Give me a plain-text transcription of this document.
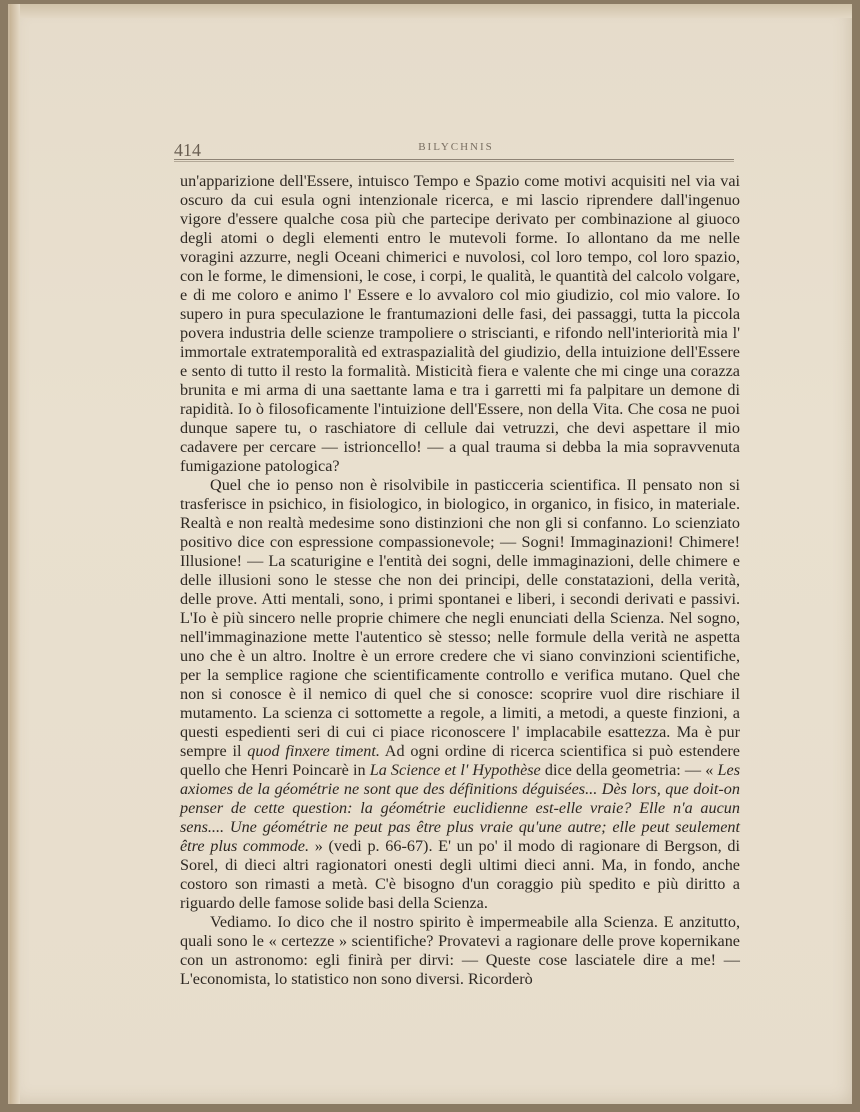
414	BILYCHNIS

un'apparizione dell'Essere, intuisco Tempo e Spazio come motivi acquisiti nel via vai oscuro da cui esula ogni intenzionale ricerca, e mi lascio riprendere dall'ingenuo vigore d'essere qualche cosa più che partecipe derivato per combinazione al giuoco degli atomi o degli elementi entro le mutevoli forme. Io allontano da me nelle voragini azzurre, negli Oceani chimerici e nuvolosi, col loro tempo, col loro spazio, con le forme, le dimensioni, le cose, i corpi, le qualità, le quantità del calcolo volgare, e di me coloro e animo l' Essere e lo avvaloro col mio giudizio, col mio valore. Io supero in pura speculazione le frantumazioni delle fasi, dei passaggi, tutta la piccola povera industria delle scienze trampoliere o striscianti, e rifondo nell'interiorità mia l' immortale extratemporalità ed extraspazialità del giudizio, della intuizione dell'Essere e sento di tutto il resto la formalità. Misticità fiera e valente che mi cinge una corazza brunita e mi arma di una saettante lama e tra i garretti mi fa palpitare un demone di rapidità. Io ò filosoficamente l'intuizione dell'Essere, non della Vita. Che cosa ne puoi dunque sapere tu, o raschiatore di cellule dai vetruzzi, che devi aspettare il mio cadavere per cercare — istrioncello! — a qual trauma si debba la mia sopravvenuta fumigazione patologica?

Quel che io penso non è risolvibile in pasticceria scientifica. Il pensato non si trasferisce in psichico, in fisiologico, in biologico, in organico, in fisico, in materiale. Realtà e non realtà medesime sono distinzioni che non gli si confanno. Lo scienziato positivo dice con espressione compassionevole; — Sogni! Immaginazioni! Chimere! Illusione! — La scaturigine e l'entità dei sogni, delle immaginazioni, delle chimere e delle illusioni sono le stesse che non dei principi, delle constatazioni, della verità, delle prove. Atti mentali, sono, i primi spontanei e liberi, i secondi derivati e passivi. L'Io è più sincero nelle proprie chimere che negli enunciati della Scienza. Nel sogno, nell'immaginazione mette l'autentico sè stesso; nelle formule della verità ne aspetta uno che è un altro. Inoltre è un errore credere che vi siano convinzioni scientifiche, per la semplice ragione che scientificamente controllo e verifica mutano. Quel che non si conosce è il nemico di quel che si conosce: scoprire vuol dire rischiare il mutamento. La scienza ci sottomette a regole, a limiti, a metodi, a queste finzioni, a questi espedienti seri di cui ci piace riconoscere l' implacabile esattezza. Ma è pur sempre il quod finxere timent. Ad ogni ordine di ricerca scientifica si può estendere quello che Henri Poincarè in La Science et l' Hypothèse dice della geometria: — « Les axiomes de la géométrie ne sont que des définitions déguisées... Dès lors, que doit-on penser de cette question: la géométrie euclidienne est-elle vraie? Elle n'a aucun sens.... Une géométrie ne peut pas être plus vraie qu'une autre; elle peut seulement être plus commode. » (vedi p. 66-67). E' un po' il modo di ragionare di Bergson, di Sorel, di dieci altri ragionatori onesti degli ultimi dieci anni. Ma, in fondo, anche costoro son rimasti a metà. C'è bisogno d'un coraggio più spedito e più diritto a riguardo delle famose solide basi della Scienza.

Vediamo. Io dico che il nostro spirito è impermeabile alla Scienza. E anzitutto, quali sono le « certezze » scientifiche? Provatevi a ragionare delle prove kopernikane con un astronomo: egli finirà per dirvi: — Queste cose lasciatele dire a me! — L'economista, lo statistico non sono diversi. Ricorderò
